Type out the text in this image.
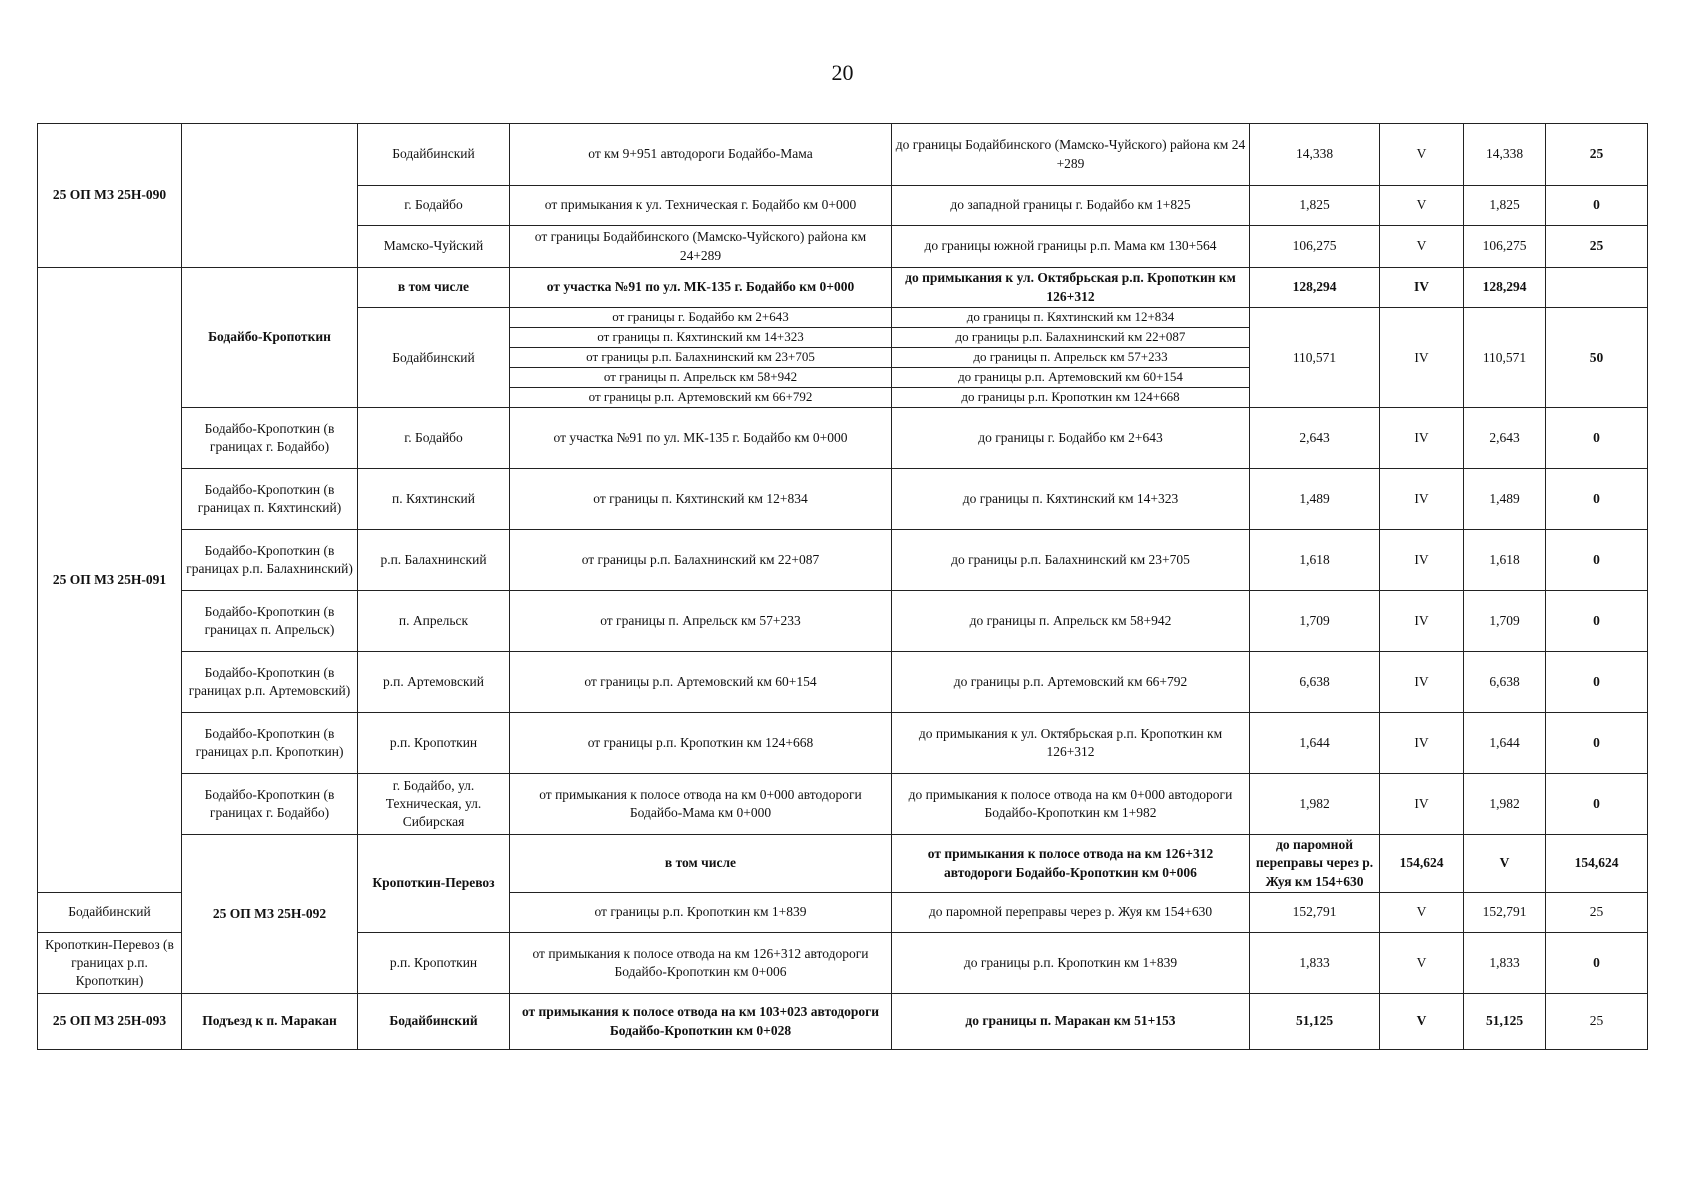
20
25 ОП МЗ 25Н-090		Бодайбинский	от км 9+951 автодороги Бодайбо-Мама	до границы Бодайбинского (Мамско-Чуйского) района км 24 +289	14,338	V	14,338	25	
		г. Бодайбо	от примыкания к ул. Техническая г. Бодайбо км 0+000	до западной границы г. Бодайбо км 1+825	1,825	V	1,825	0	
		Мамско-Чуйский	от границы Бодайбинского (Мамско-Чуйского) района км 24+289	до границы южной границы р.п. Мама км 130+564	106,275	V	106,275	25	
25 ОП МЗ 25Н-091	Бодайбо-Кропоткин	в том числе	от участка №91 по ул. МК-135 г. Бодайбо км 0+000	до примыкания к ул. Октябрьская р.п. Кропоткин км 126+312	128,294	IV	128,294		
		Бодайбинский	от границы г. Бодайбо км 2+643	до границы п. Кяхтинский км 12+834	110,571	IV	110,571	50	
			от границы п. Кяхтинский км 14+323	до границы р.п. Балахнинский км 22+087					
			от границы р.п. Балахнинский км 23+705	до границы п. Апрельск км 57+233					
			от границы п. Апрельск км 58+942	до границы р.п. Артемовский км 60+154					
			от границы р.п. Артемовский км 66+792	до границы р.п. Кропоткин км 124+668					
	Бодайбо-Кропоткин (в границах г. Бодайбо)	г. Бодайбо	от участка №91 по ул. МК-135 г. Бодайбо км 0+000	до границы г. Бодайбо км 2+643	2,643	IV	2,643	0	
	Бодайбо-Кропоткин (в границах п. Кяхтинский)	п. Кяхтинский	от границы п. Кяхтинский км 12+834	до границы п. Кяхтинский км 14+323	1,489	IV	1,489	0	
	Бодайбо-Кропоткин (в границах р.п. Балахнинский)	р.п. Балахнинский	от границы р.п. Балахнинский км 22+087	до границы р.п. Балахнинский км 23+705	1,618	IV	1,618	0	
	Бодайбо-Кропоткин (в границах п. Апрельск)	п. Апрельск	от границы п. Апрельск км 57+233	до границы п. Апрельск км 58+942	1,709	IV	1,709	0	
	Бодайбо-Кропоткин (в границах р.п. Артемовский)	р.п. Артемовский	от границы р.п. Артемовский км 60+154	до границы р.п. Артемовский км 66+792	6,638	IV	6,638	0	
	Бодайбо-Кропоткин (в границах р.п. Кропоткин)	р.п. Кропоткин	от границы р.п. Кропоткин км 124+668	до примыкания к ул. Октябрьская р.п. Кропоткин км 126+312	1,644	IV	1,644	0	
	Бодайбо-Кропоткин (в границах г. Бодайбо)	г. Бодайбо, ул. Техническая, ул. Сибирская	от примыкания к полосе отвода на км 0+000 автодороги Бодайбо-Мама км 0+000	до примыкания к полосе отвода на км 0+000 автодороги Бодайбо-Кропоткин км 1+982	1,982	IV	1,982	0	
	25 ОП МЗ 25Н-092	Кропоткин-Перевоз	в том числе	от примыкания к полосе отвода на км 126+312 автодороги Бодайбо-Кропоткин км 0+006	до паромной переправы через р. Жуя км 154+630	154,624	V	154,624	
Бодайбинский			от границы р.п. Кропоткин км 1+839	до паромной переправы через р. Жуя км 154+630	152,791	V	152,791	25	
Кропоткин-Перевоз (в границах р.п. Кропоткин)		р.п. Кропоткин	от примыкания к полосе отвода на км 126+312 автодороги Бодайбо-Кропоткин км 0+006	до границы р.п. Кропоткин км 1+839	1,833	V	1,833	0	
25 ОП МЗ 25Н-093	Подъезд к п. Маракан	Бодайбинский	от примыкания к полосе отвода на км 103+023 автодороги Бодайбо-Кропоткин км 0+028	до границы п. Маракан км 51+153	51,125	V	51,125	25	
